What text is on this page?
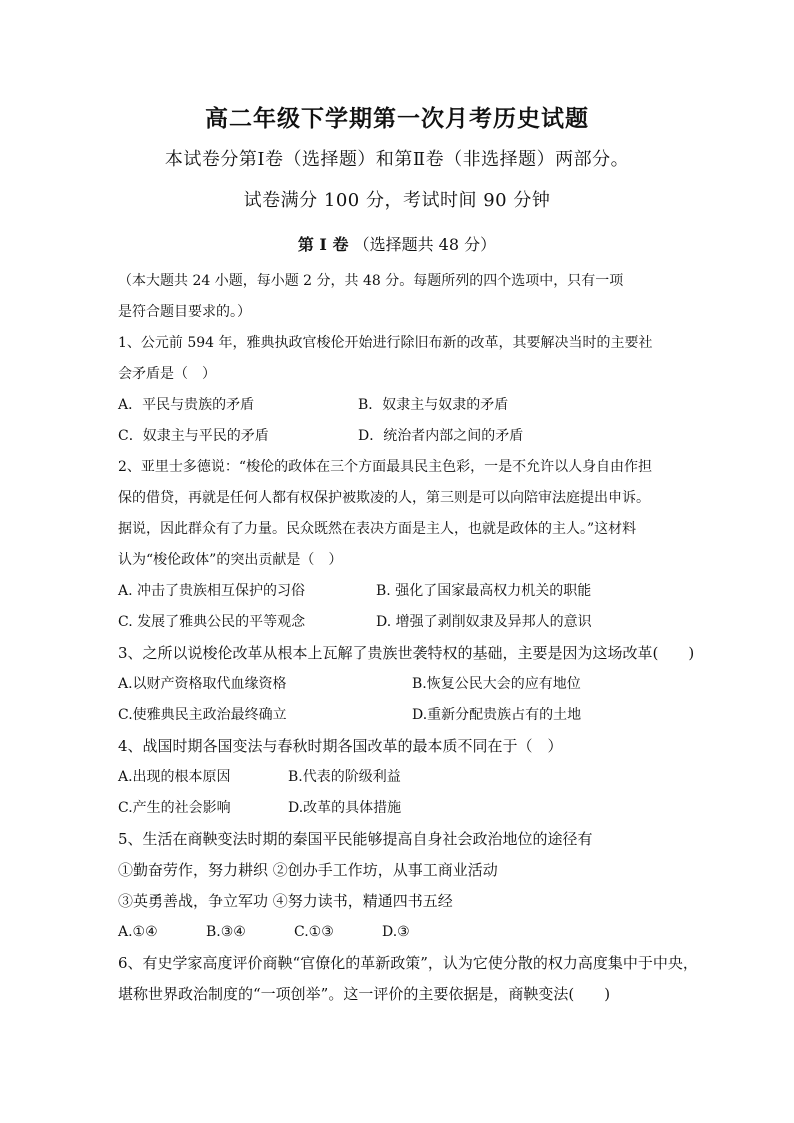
高二年级下学期第一次月考历史试题
本试卷分第Ⅰ卷（选择题）和第Ⅱ卷（非选择题）两部分。
试卷满分 100 分，考试时间 90 分钟
第 Ⅰ 卷 （选择题共 48 分）
（本大题共 24 小题，每小题 2 分，共 48 分。每题所列的四个选项中，只有一项
是符合题目要求的。）
1、公元前 594 年，雅典执政官梭伦开始进行除旧布新的改革，其要解决当时的主要社
会矛盾是（　）
A．平民与贵族的矛盾	B．奴隶主与奴隶的矛盾
C．奴隶主与平民的矛盾	D．统治者内部之间的矛盾
2、亚里士多德说：“梭伦的政体在三个方面最具民主色彩，一是不允许以人身自由作担
保的借贷，再就是任何人都有权保护被欺凌的人，第三则是可以向陪审法庭提出申诉。
据说，因此群众有了力量。民众既然在表决方面是主人，也就是政体的主人。”这材料
认为“梭伦政体”的突出贡献是（　）
A. 冲击了贵族相互保护的习俗	B. 强化了国家最高权力机关的职能
C. 发展了雅典公民的平等观念	D. 增强了剥削奴隶及异邦人的意识
3、之所以说梭伦改革从根本上瓦解了贵族世袭特权的基础，主要是因为这场改革(　　)
A.以财产资格取代血缘资格	B.恢复公民大会的应有地位
C.使雅典民主政治最终确立	D.重新分配贵族占有的土地
4、战国时期各国变法与春秋时期各国改革的最本质不同在于（　）
A.出现的根本原因	B.代表的阶级利益
C.产生的社会影响	D.改革的具体措施
5、生活在商鞅变法时期的秦国平民能够提高自身社会政治地位的途径有
①勤奋劳作，努力耕织 ②创办手工作坊，从事工商业活动
③英勇善战，争立军功 ④努力读书，精通四书五经
A.①④	B.③④	C.①③	D.③
6、有史学家高度评价商鞅“官僚化的革新政策”，认为它使分散的权力高度集中于中央，
堪称世界政治制度的“一项创举”。这一评价的主要依据是，商鞅变法(　　)
